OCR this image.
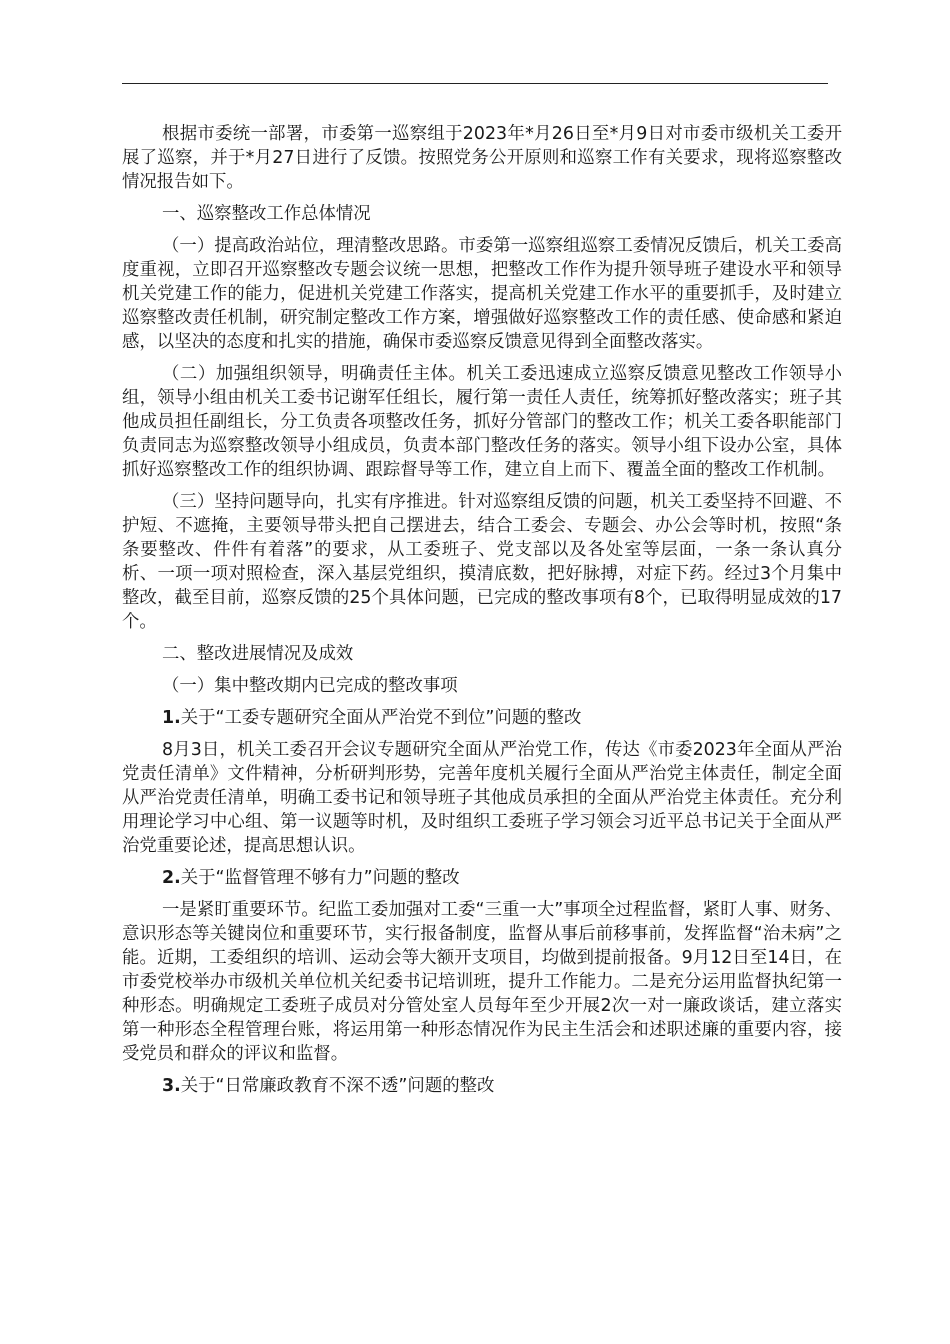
根据市委统一部署，市委第一巡察组于2023年*月26日至*月9日对市委市级机关工委开展了巡察，并于*月27日进行了反馈。按照党务公开原则和巡察工作有关要求，现将巡察整改情况报告如下。

一、巡察整改工作总体情况

（一）提高政治站位，理清整改思路。市委第一巡察组巡察工委情况反馈后，机关工委高度重视，立即召开巡察整改专题会议统一思想，把整改工作作为提升领导班子建设水平和领导机关党建工作的能力，促进机关党建工作落实，提高机关党建工作水平的重要抓手，及时建立巡察整改责任机制，研究制定整改工作方案，增强做好巡察整改工作的责任感、使命感和紧迫感，以坚决的态度和扎实的措施，确保市委巡察反馈意见得到全面整改落实。

（二）加强组织领导，明确责任主体。机关工委迅速成立巡察反馈意见整改工作领导小组，领导小组由机关工委书记谢军任组长，履行第一责任人责任，统筹抓好整改落实；班子其他成员担任副组长，分工负责各项整改任务，抓好分管部门的整改工作；机关工委各职能部门负责同志为巡察整改领导小组成员，负责本部门整改任务的落实。领导小组下设办公室，具体抓好巡察整改工作的组织协调、跟踪督导等工作，建立自上而下、覆盖全面的整改工作机制。

（三）坚持问题导向，扎实有序推进。针对巡察组反馈的问题，机关工委坚持不回避、不护短、不遮掩，主要领导带头把自己摆进去，结合工委会、专题会、办公会等时机，按照“条条要整改、件件有着落”的要求，从工委班子、党支部以及各处室等层面，一条一条认真分析、一项一项对照检查，深入基层党组织，摸清底数，把好脉搏，对症下药。经过3个月集中整改，截至目前，巡察反馈的25个具体问题，已完成的整改事项有8个，已取得明显成效的17个。

二、整改进展情况及成效

（一）集中整改期内已完成的整改事项

1.关于“工委专题研究全面从严治党不到位”问题的整改

8月3日，机关工委召开会议专题研究全面从严治党工作，传达《市委2023年全面从严治党责任清单》文件精神，分析研判形势，完善年度机关履行全面从严治党主体责任，制定全面从严治党责任清单，明确工委书记和领导班子其他成员承担的全面从严治党主体责任。充分利用理论学习中心组、第一议题等时机，及时组织工委班子学习领会习近平总书记关于全面从严治党重要论述，提高思想认识。

2.关于“监督管理不够有力”问题的整改

一是紧盯重要环节。纪监工委加强对工委“三重一大”事项全过程监督，紧盯人事、财务、意识形态等关键岗位和重要环节，实行报备制度，监督从事后前移事前，发挥监督“治未病”之能。近期，工委组织的培训、运动会等大额开支项目，均做到提前报备。9月12日至14日，在市委党校举办市级机关单位机关纪委书记培训班，提升工作能力。二是充分运用监督执纪第一种形态。明确规定工委班子成员对分管处室人员每年至少开展2次一对一廉政谈话，建立落实第一种形态全程管理台账，将运用第一种形态情况作为民主生活会和述职述廉的重要内容，接受党员和群众的评议和监督。

3.关于“日常廉政教育不深不透”问题的整改
